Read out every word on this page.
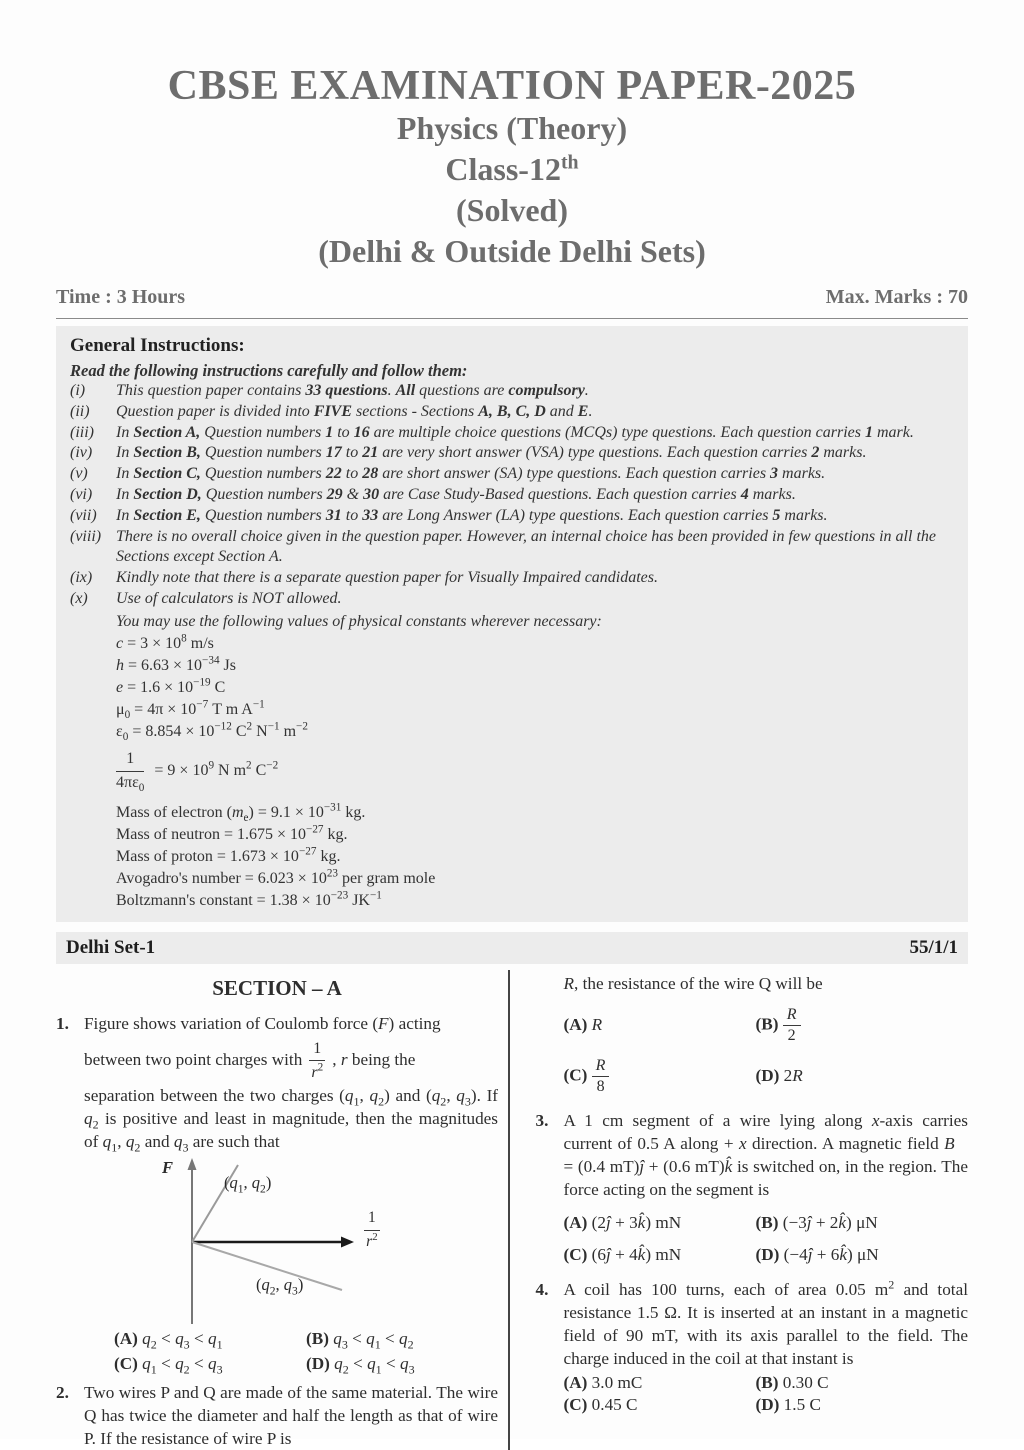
CBSE EXAMINATION PAPER-2025
Physics (Theory)
Class-12th
(Solved)
(Delhi & Outside Delhi Sets)
Time : 3 Hours	Max. Marks : 70
General Instructions:
Read the following instructions carefully and follow them:
(i)	This question paper contains 33 questions. All questions are compulsory.
(ii)	Question paper is divided into FIVE sections - Sections A, B, C, D and E.
(iii)	In Section A, Question numbers 1 to 16 are multiple choice questions (MCQs) type questions. Each question carries 1 mark.
(iv)	In Section B, Question numbers 17 to 21 are very short answer (VSA) type questions. Each question carries 2 marks.
(v)	In Section C, Question numbers 22 to 28 are short answer (SA) type questions. Each question carries 3 marks.
(vi)	In Section D, Question numbers 29 & 30 are Case Study-Based questions. Each question carries 4 marks.
(vii)	In Section E, Question numbers 31 to 33 are Long Answer (LA) type questions. Each question carries 5 marks.
(viii) There is no overall choice given in the question paper. However, an internal choice has been provided in few questions in all the Sections except Section A.
(ix)	Kindly note that there is a separate question paper for Visually Impaired candidates.
(x)	Use of calculators is NOT allowed.
You may use the following values of physical constants wherever necessary:
$c = 3 \times 10^8$ m/s
$h = 6.63 \times 10^{-34}$ Js
$e = 1.6 \times 10^{-19}$ C
$\mu_0 = 4\pi \times 10^{-7}$ T m $A^{-1}$
$\varepsilon_0 = 8.854 \times 10^{-12}$ $C^2$ $N^{-1}$ $m^{-2}$
$\frac{1}{4\pi\varepsilon_0} = 9 \times 10^9$ N $m^2$ $C^{-2}$
Mass of electron $(m_e) = 9.1 \times 10^{-31}$ kg.
Mass of neutron = $1.675 \times 10^{-27}$ kg.
Mass of proton = $1.673 \times 10^{-27}$ kg.
Avogadro's number = $6.023 \times 10^{23}$ per gram mole
Boltzmann's constant = $1.38 \times 10^{-23}$ $JK^{-1}$
Delhi Set-1	55/1/1
SECTION – A
1. Figure shows variation of Coulomb force (F) acting
between two point charges with $\frac{1}{r^2}$ , r being the
separation between the two charges ($q_1$, $q_2$) and ($q_2$, $q_3$). If $q_2$ is positive and least in magnitude, then the magnitudes of $q_1$, $q_2$ and $q_3$ are such that
F
($q_1$, $q_2$)
($q_2$, $q_3$)
$\frac{1}{r^2}$
(A) $q_2 < q_3 < q_1$	(B) $q_3 < q_1 < q_2$
(C) $q_1 < q_2 < q_3$	(D) $q_2 < q_1 < q_3$
2. Two wires P and Q are made of the same material. The wire Q has twice the diameter and half the length as that of wire P. If the resistance of wire P is
R, the resistance of the wire Q will be
(A) R	$(B) \frac{R}{2}$
$(C) \frac{R}{8}$	(D) 2R
3. A 1 cm segment of a wire lying along x-axis carries current of 0.5 A along + x direction. A magnetic field B⃗ = (0.4 mT)ĵ + (0.6 mT)k̂ is switched on, in the region. The force acting on the segment is
(A) (2ĵ + 3k̂) mN	(B) (−3ĵ + 2k̂) μN
(C) (6ĵ + 4k̂) mN	(D) (−4ĵ + 6k̂) μN
4. A coil has 100 turns, each of area 0.05 $m^2$ and total resistance 1.5 Ω. It is inserted at an instant in a magnetic field of 90 mT, with its axis parallel to the field. The charge induced in the coil at that instant is
(A) 3.0 mC	(B) 0.30 C
(C) 0.45 C	(D) 1.5 C
